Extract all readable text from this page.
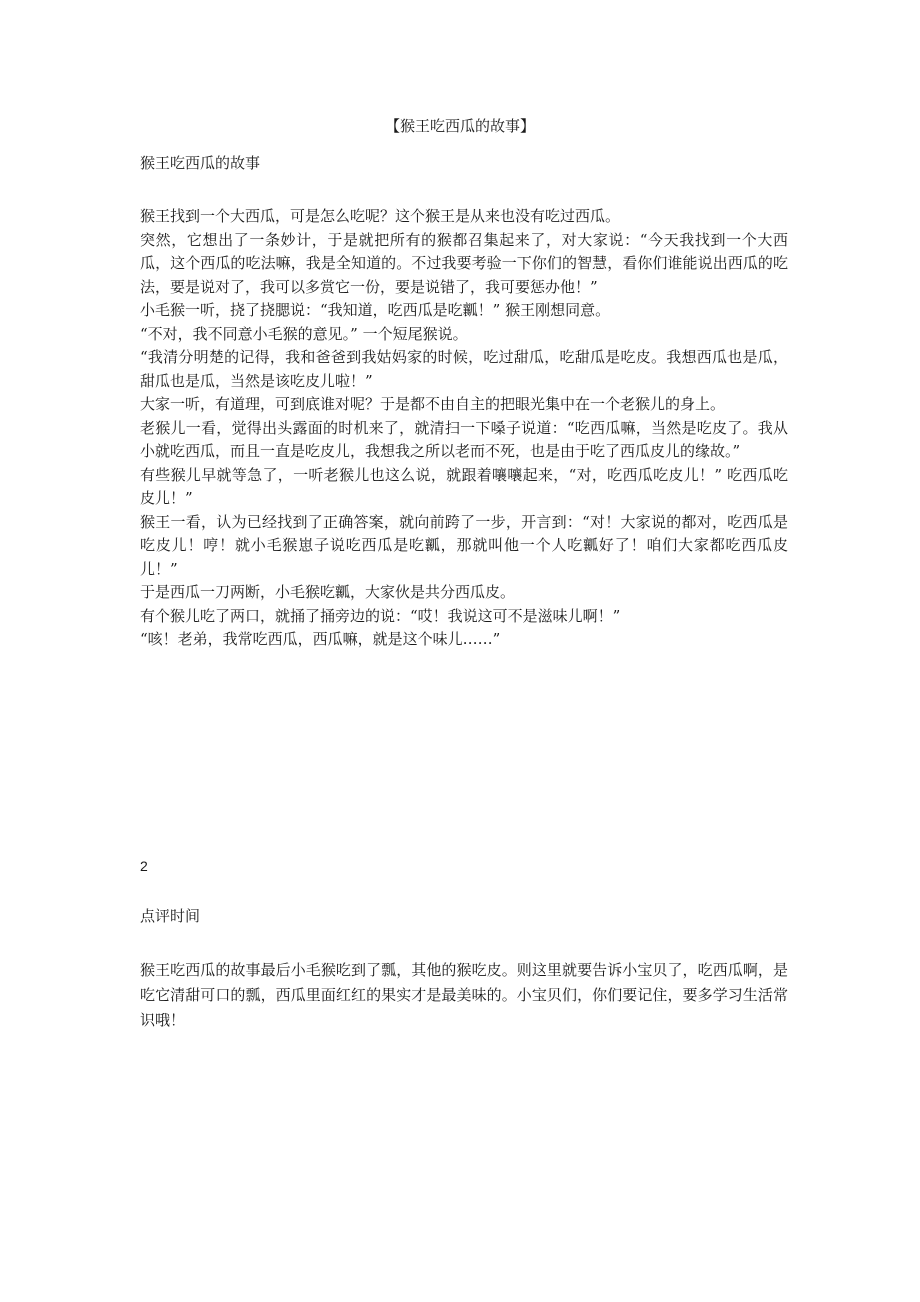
【猴王吃西瓜的故事】
猴王吃西瓜的故事

猴王找到一个大西瓜，可是怎么吃呢？这个猴王是从来也没有吃过西瓜。

突然，它想出了一条妙计，于是就把所有的猴都召集起来了，对大家说：“今天我找到一个大西瓜，这个西瓜的吃法嘛，我是全知道的。不过我要考验一下你们的智慧，看你们谁能说出西瓜的吃法，要是说对了，我可以多赏它一份，要是说错了，我可要惩办他！”

小毛猴一听，挠了挠腮说：“我知道，吃西瓜是吃瓤！” 猴王刚想同意。

“不对，我不同意小毛猴的意见。” 一个短尾猴说。

“我清分明楚的记得，我和爸爸到我姑妈家的时候，吃过甜瓜，吃甜瓜是吃皮。我想西瓜也是瓜，甜瓜也是瓜，当然是该吃皮儿啦！”

大家一听，有道理，可到底谁对呢？于是都不由自主的把眼光集中在一个老猴儿的身上。

老猴儿一看，觉得出头露面的时机来了，就清扫一下嗓子说道：“吃西瓜嘛，当然是吃皮了。我从小就吃西瓜，而且一直是吃皮儿，我想我之所以老而不死，也是由于吃了西瓜皮儿的缘故。”

有些猴儿早就等急了，一听老猴儿也这么说，就跟着嚷嚷起来，“对，吃西瓜吃皮儿！” 吃西瓜吃皮儿！”

猴王一看，认为已经找到了正确答案，就向前跨了一步，开言到：“对！大家说的都对，吃西瓜是吃皮儿！哼！就小毛猴崽子说吃西瓜是吃瓤，那就叫他一个人吃瓤好了！咱们大家都吃西瓜皮儿！”

于是西瓜一刀两断，小毛猴吃瓤，大家伙是共分西瓜皮。

有个猴儿吃了两口，就捅了捅旁边的说：“哎！我说这可不是滋味儿啊！”

“咳！老弟，我常吃西瓜，西瓜嘛，就是这个味儿……”

2
点评时间

猴王吃西瓜的故事最后小毛猴吃到了瓢，其他的猴吃皮。则这里就要告诉小宝贝了，吃西瓜啊，是吃它清甜可口的瓢，西瓜里面红红的果实才是最美味的。小宝贝们，你们要记住，要多学习生活常识哦！
